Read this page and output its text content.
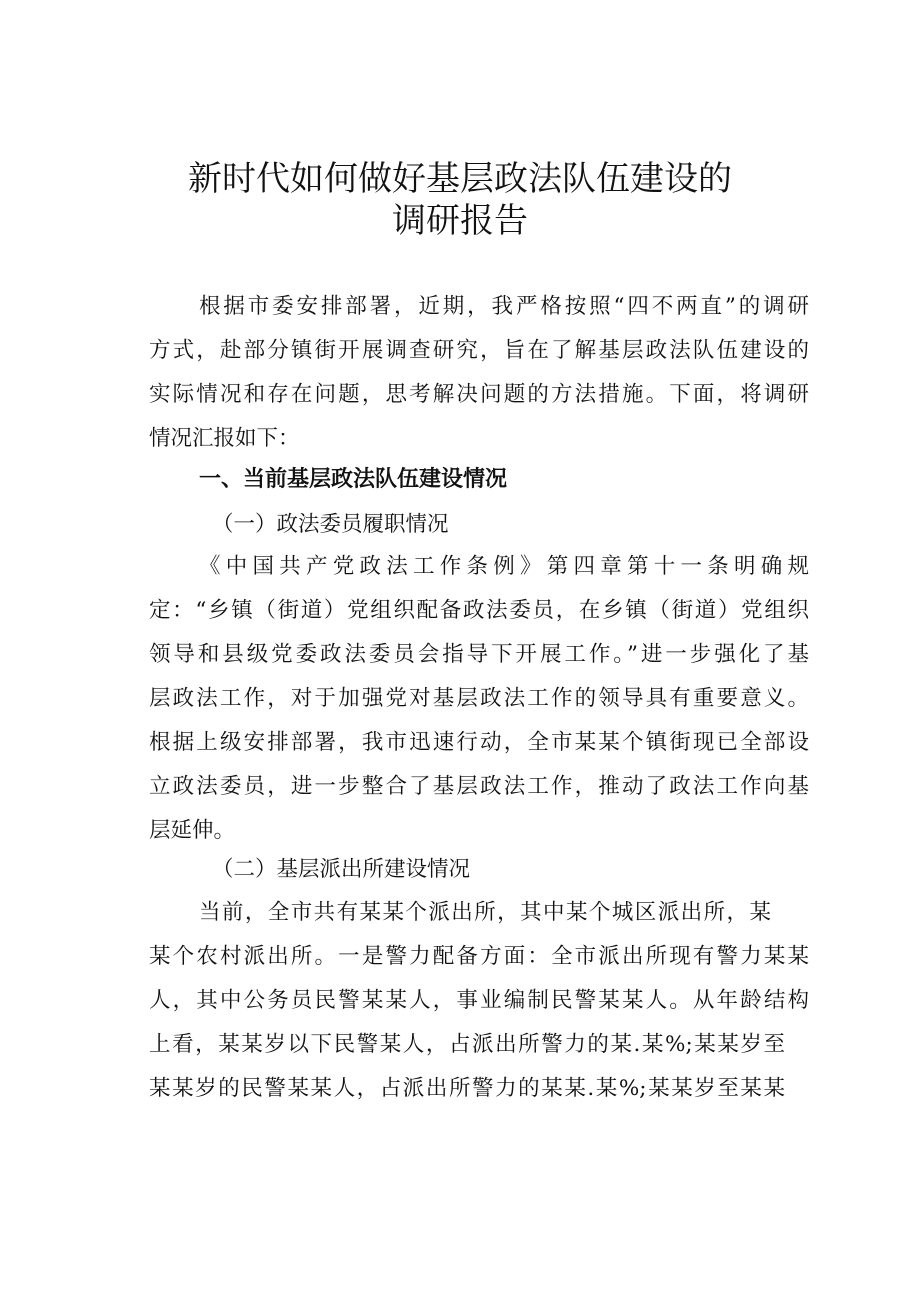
新时代如何做好基层政法队伍建设的
调研报告
根据市委安排部署，近期，我严格按照“四不两直”的调研
方式，赴部分镇街开展调查研究，旨在了解基层政法队伍建设的
实际情况和存在问题，思考解决问题的方法措施。下面，将调研
情况汇报如下：
一、当前基层政法队伍建设情况
（一）政法委员履职情况
《中国共产党政法工作条例》第四章第十一条明确规
定：“乡镇（街道）党组织配备政法委员，在乡镇（街道）党组织
领导和县级党委政法委员会指导下开展工作。”进一步强化了基
层政法工作，对于加强党对基层政法工作的领导具有重要意义。
根据上级安排部署，我市迅速行动，全市某某个镇街现已全部设
立政法委员，进一步整合了基层政法工作，推动了政法工作向基
层延伸。
（二）基层派出所建设情况
当前，全市共有某某个派出所，其中某个城区派出所，某
某个农村派出所。一是警力配备方面：全市派出所现有警力某某
人，其中公务员民警某某人，事业编制民警某某人。从年龄结构
上看，某某岁以下民警某人，占派出所警力的某.某%;某某岁至
某某岁的民警某某人，占派出所警力的某某.某%;某某岁至某某
